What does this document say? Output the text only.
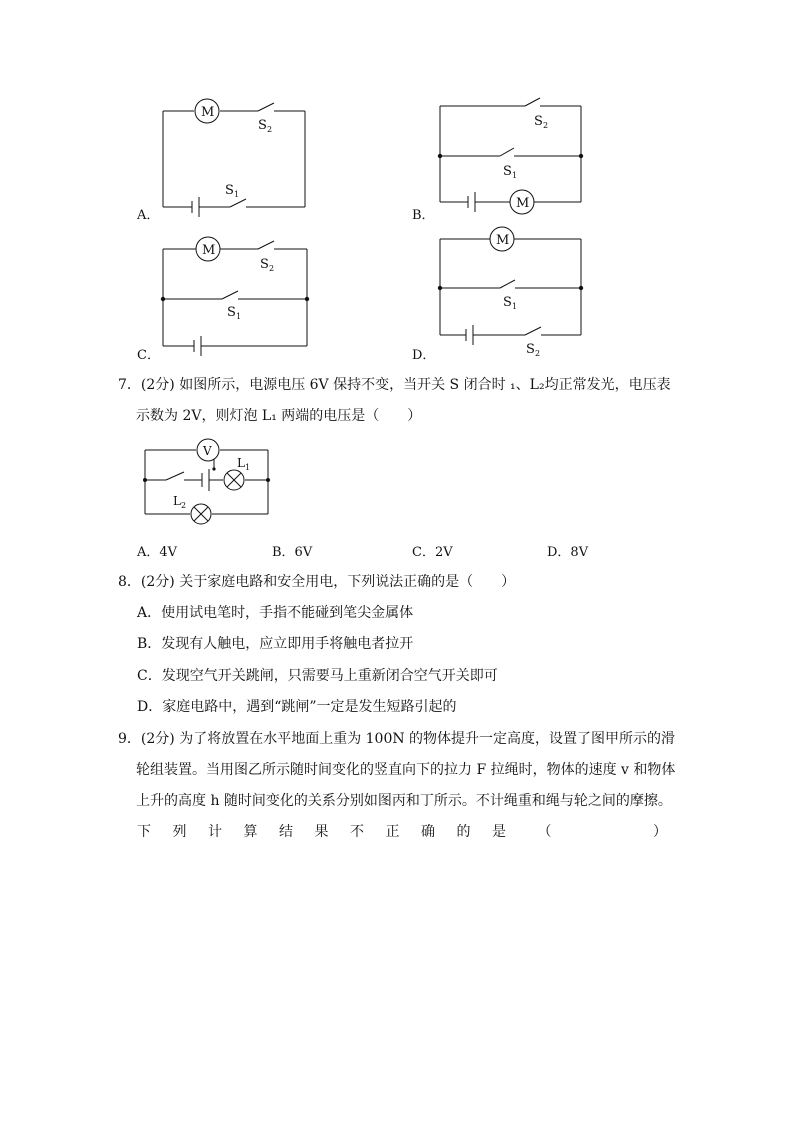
A．
M
S 2
S 1
B．
M
S 2
S 1
C．
M
S 2
S 1
D．
M
S 1
S 2
7．(2分) 如图所示，电源电压 6V 保持不变，当开关 S 闭合时 ₁、L₂均正常发光，电压表
示数为 2V，则灯泡 L₁ 两端的电压是（　　）
V
L 1
L 2
A．4V	B．6V	C．2V	D．8V
8．(2分) 关于家庭电路和安全用电，下列说法正确的是（　　）
A．使用试电笔时，手指不能碰到笔尖金属体
B．发现有人触电，应立即用手将触电者拉开
C．发现空气开关跳闸，只需要马上重新闭合空气开关即可
D．家庭电路中，遇到“跳闸”一定是发生短路引起的
9．(2分) 为了将放置在水平地面上重为 100N 的物体提升一定高度，设置了图甲所示的滑
轮组装置。当用图乙所示随时间变化的竖直向下的拉力 F 拉绳时，物体的速度 v 和物体
上升的高度 h 随时间变化的关系分别如图丙和丁所示。不计绳重和绳与轮之间的摩擦。
下 列 计 算 结 果 不 正 确 的 是 （	）
